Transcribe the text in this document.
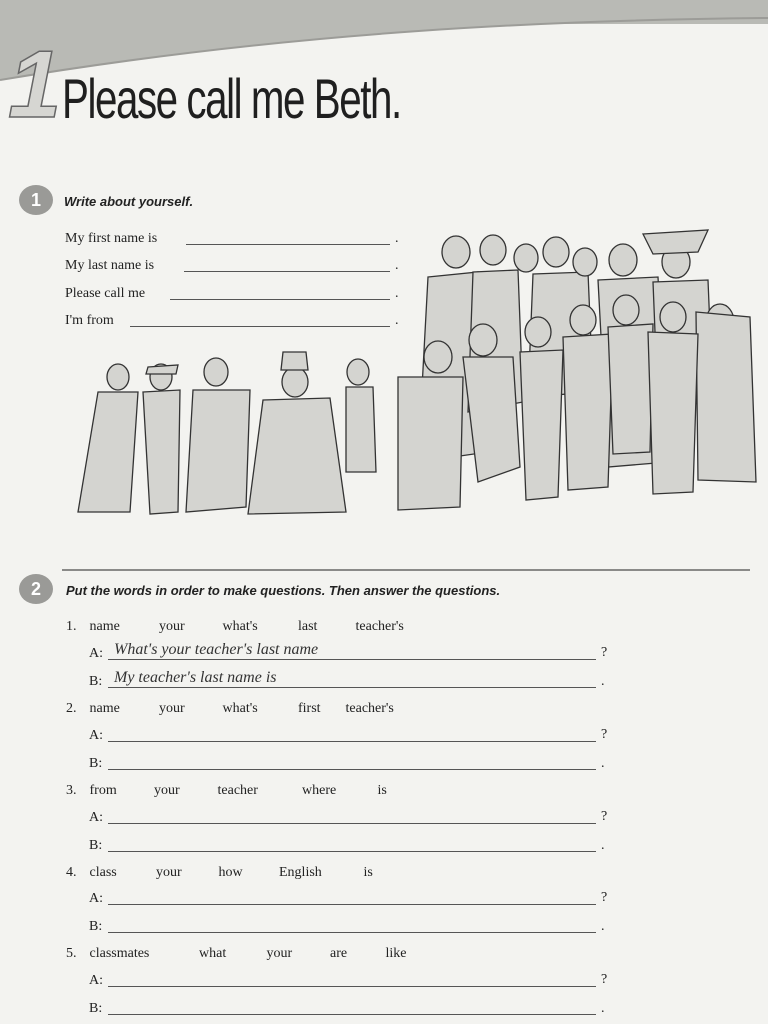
1 Please call me Beth.
1	Write about yourself.
My first name is	.
My last name is	.
Please call me	.
I'm from	.
2	Put the words in order to make questions. Then answer the questions.
1. name	your	what's	last	teacher's
A: What's your teacher's last name	?
B: My teacher's last name is	.
2. name	your	what's	first teacher's
A:	?
B:	.
3. from	your	teacher	where	is
A:	?
B:	.
4. class	your	how	English	is
A:	?
B:	.
5. classmates	what	your	are	like
A:	?
B:	.
